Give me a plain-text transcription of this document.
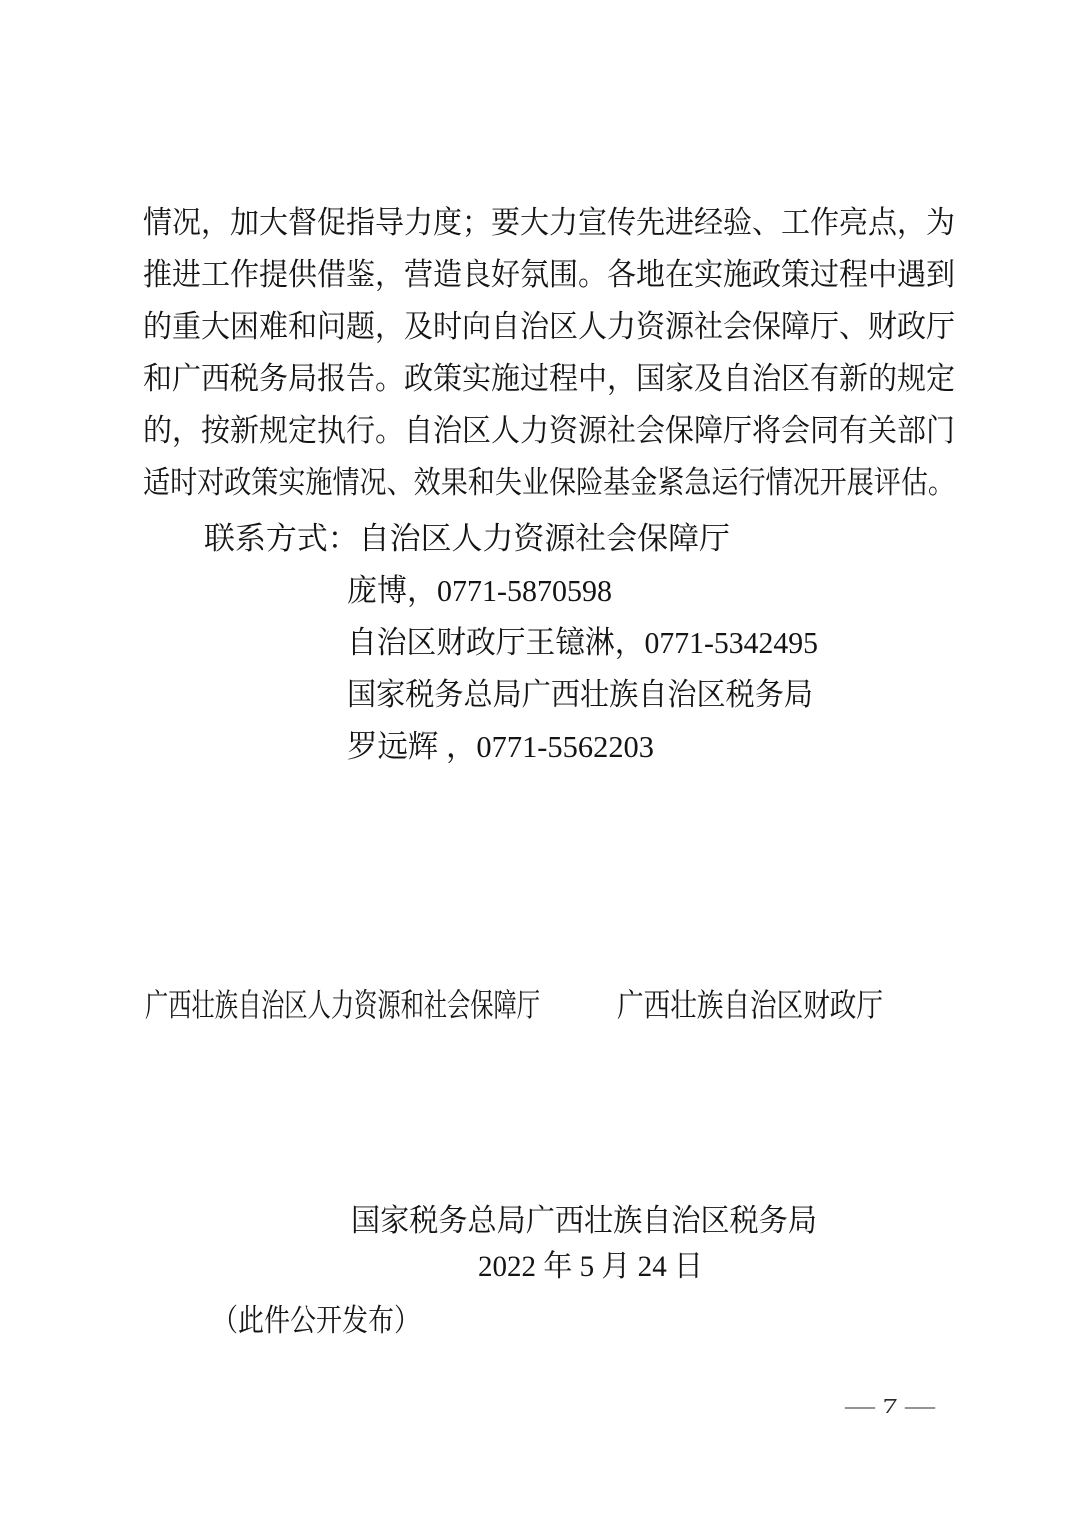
情况，加大督促指导力度；要大力宣传先进经验、工作亮点，为
推进工作提供借鉴，营造良好氛围。各地在实施政策过程中遇到
的重大困难和问题，及时向自治区人力资源社会保障厅、财政厅
和广西税务局报告。政策实施过程中，国家及自治区有新的规定
的，按新规定执行。自治区人力资源社会保障厅将会同有关部门
适时对政策实施情况、效果和失业保险基金紧急运行情况开展评估。
联系方式：自治区人力资源社会保障厅
庞博，0771-5870598
自治区财政厅王镱淋，0771-5342495
国家税务总局广西壮族自治区税务局
罗远辉 ，0771-5562203
广西壮族自治区人力资源和社会保障厅	广西壮族自治区财政厅
国家税务总局广西壮族自治区税务局
2022 年 5 月 24 日
（此件公开发布）
— 7 —
